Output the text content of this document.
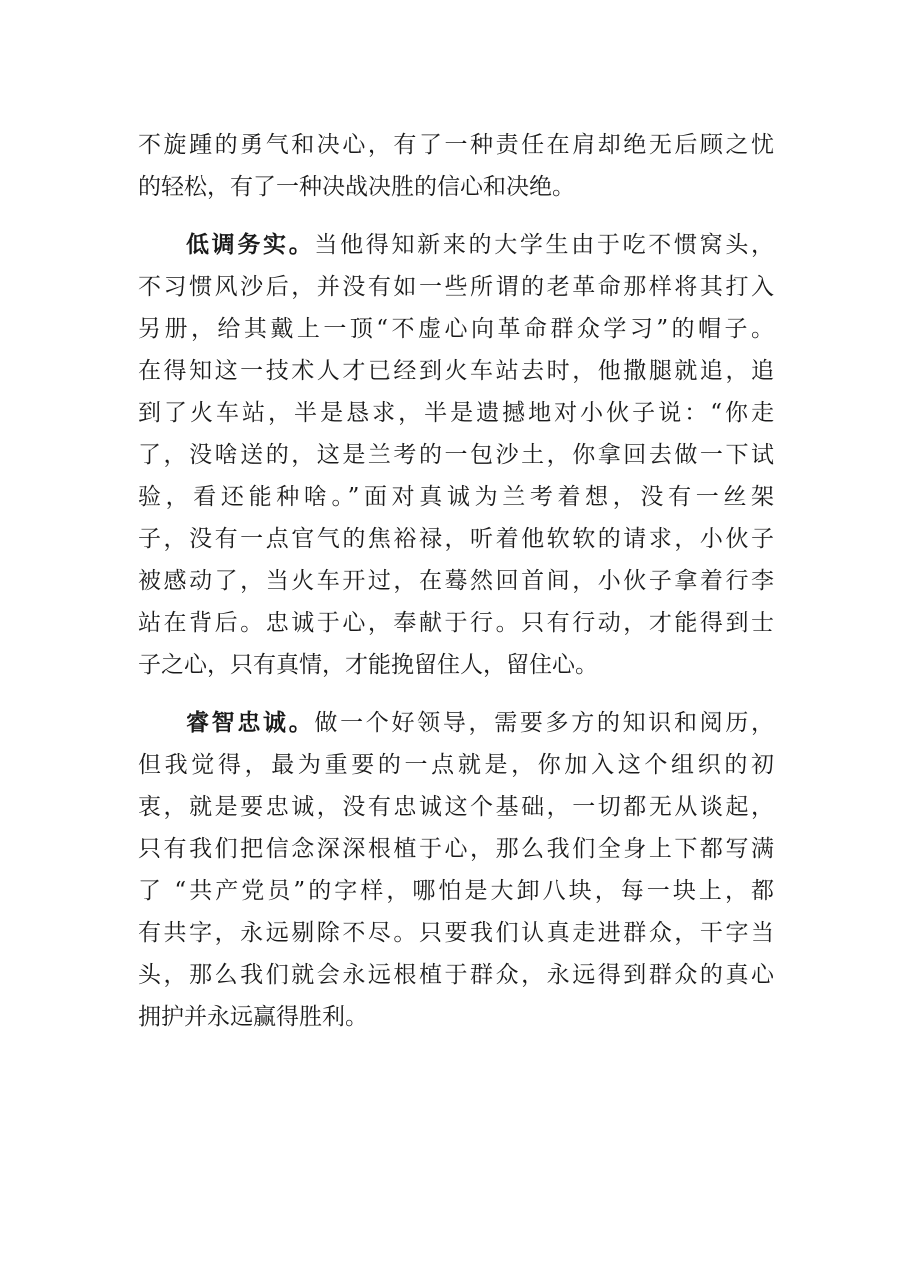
不旋踵的勇气和决心，有了一种责任在肩却绝无后顾之忧
的轻松，有了一种决战决胜的信心和决绝。
低调务实。当他得知新来的大学生由于吃不惯窝头，
不习惯风沙后，并没有如一些所谓的老革命那样将其打入
另册，给其戴上一顶“不虚心向革命群众学习”的帽子。
在得知这一技术人才已经到火车站去时，他撒腿就追，追
到了火车站，半是恳求，半是遗撼地对小伙子说：“你走
了，没啥送的，这是兰考的一包沙土，你拿回去做一下试
验，看还能种啥。”面对真诚为兰考着想，没有一丝架
子，没有一点官气的焦裕禄，听着他软软的请求，小伙子
被感动了，当火车开过，在蓦然回首间，小伙子拿着行李
站在背后。忠诚于心，奉献于行。只有行动，才能得到士
子之心，只有真情，才能挽留住人，留住心。
睿智忠诚。做一个好领导，需要多方的知识和阅历，
但我觉得，最为重要的一点就是，你加入这个组织的初
衷，就是要忠诚，没有忠诚这个基础，一切都无从谈起，
只有我们把信念深深根植于心，那么我们全身上下都写满
了 “共产党员”的字样，哪怕是大卸八块，每一块上，都
有共字，永远剔除不尽。只要我们认真走进群众，干字当
头，那么我们就会永远根植于群众，永远得到群众的真心
拥护并永远赢得胜利。
